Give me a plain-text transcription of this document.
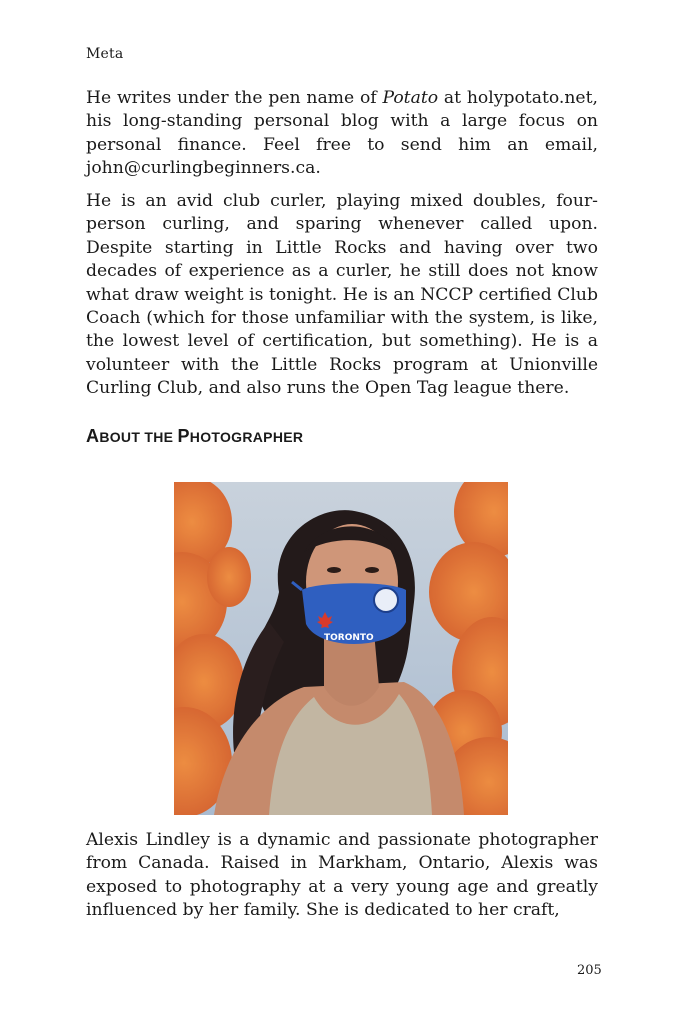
Meta

He writes under the pen name of Potato at holypotato.net, his long-standing personal blog with a large focus on personal finance. Feel free to send him an email, john@curlingbeginners.ca.

He is an avid club curler, playing mixed doubles, four-person curling, and sparing whenever called upon. Despite starting in Little Rocks and having over two decades of experience as a curler, he still does not know what draw weight is tonight. He is an NCCP certified Club Coach (which for those unfamiliar with the system, is like, the lowest level of certification, but something). He is a volunteer with the Little Rocks program at Unionville Curling Club, and also runs the Open Tag league there.

ABOUT THE PHOTOGRAPHER
TORONTO

Alexis Lindley is a dynamic and passionate photographer from Canada. Raised in Markham, Ontario, Alexis was exposed to photography at a very young age and greatly influenced by her family. She is dedicated to her craft,

205
